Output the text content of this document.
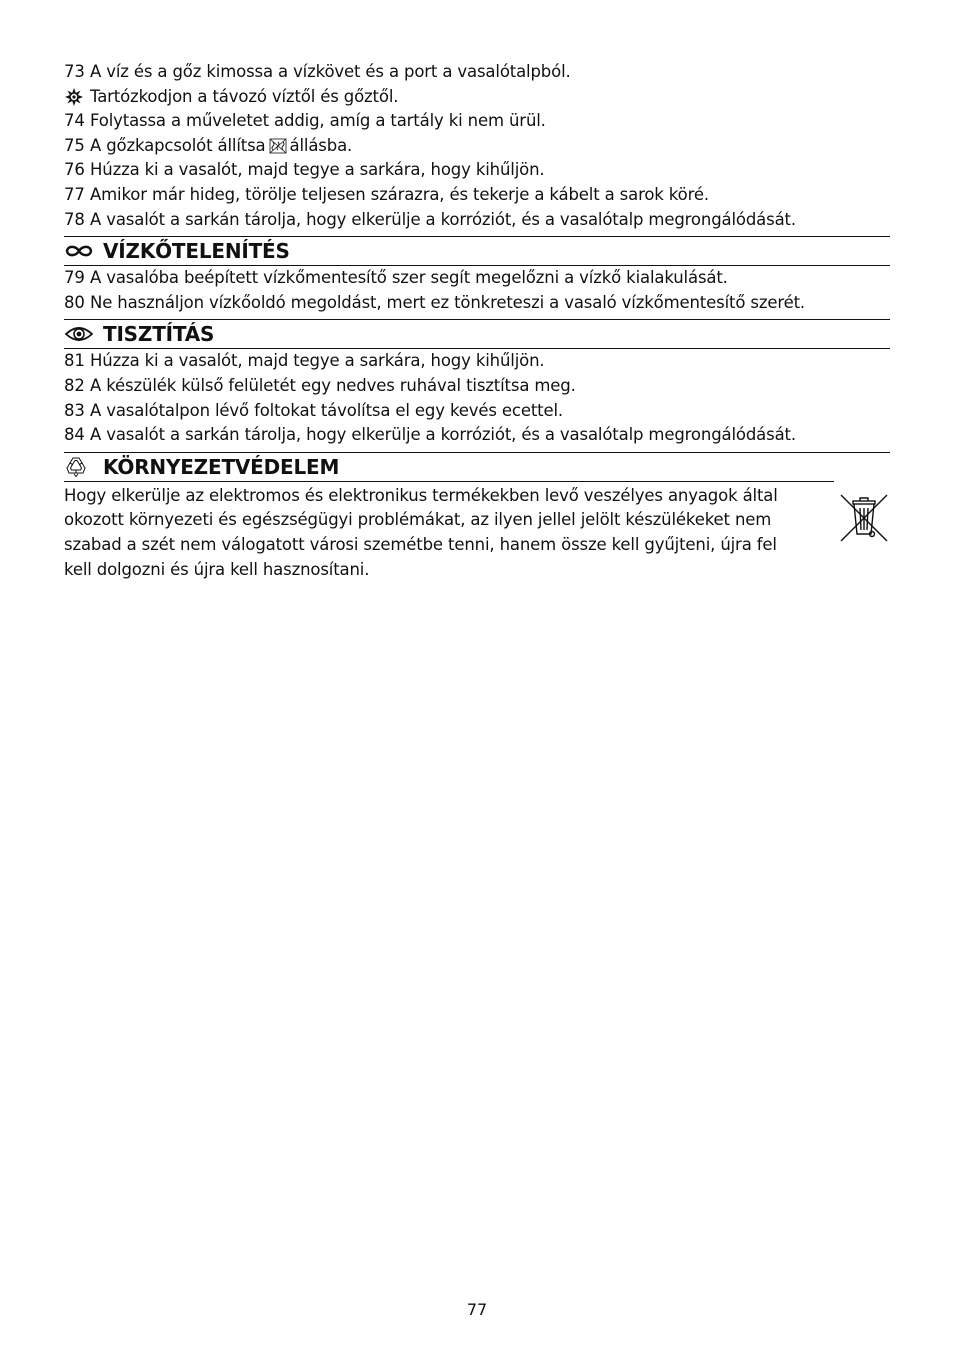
73 A víz és a gőz kimossa a vízkövet és a port a vasalótalpból.
Tartózkodjon a távozó víztől és gőztől.
74 Folytassa a műveletet addig, amíg a tartály ki nem ürül.
75 A gőzkapcsolót állítsa állásba.
76 Húzza ki a vasalót, majd tegye a sarkára, hogy kihűljön.
77 Amikor már hideg, törölje teljesen szárazra, és tekerje a kábelt a sarok köré.
78 A vasalót a sarkán tárolja, hogy elkerülje a korróziót, és a vasalótalp megrongálódását.
VÍZKŐTELENÍTÉS
79 A vasalóba beépített vízkőmentesítő szer segít megelőzni a vízkő kialakulását.
80 Ne használjon vízkőoldó megoldást, mert ez tönkreteszi a vasaló vízkőmentesítő szerét.
TISZTÍTÁS
81 Húzza ki a vasalót, majd tegye a sarkára, hogy kihűljön.
82 A készülék külső felületét egy nedves ruhával tisztítsa meg.
83 A vasalótalpon lévő foltokat távolítsa el egy kevés ecettel.
84 A vasalót a sarkán tárolja, hogy elkerülje a korróziót, és a vasalótalp megrongálódását.
KÖRNYEZETVÉDELEM
Hogy elkerülje az elektromos és elektronikus termékekben levő veszélyes anyagok által
okozott környezeti és egészségügyi problémákat, az ilyen jellel jelölt készülékeket nem
szabad a szét nem válogatott városi szemétbe tenni, hanem össze kell gyűjteni, újra fel
kell dolgozni és újra kell hasznosítani.
77
